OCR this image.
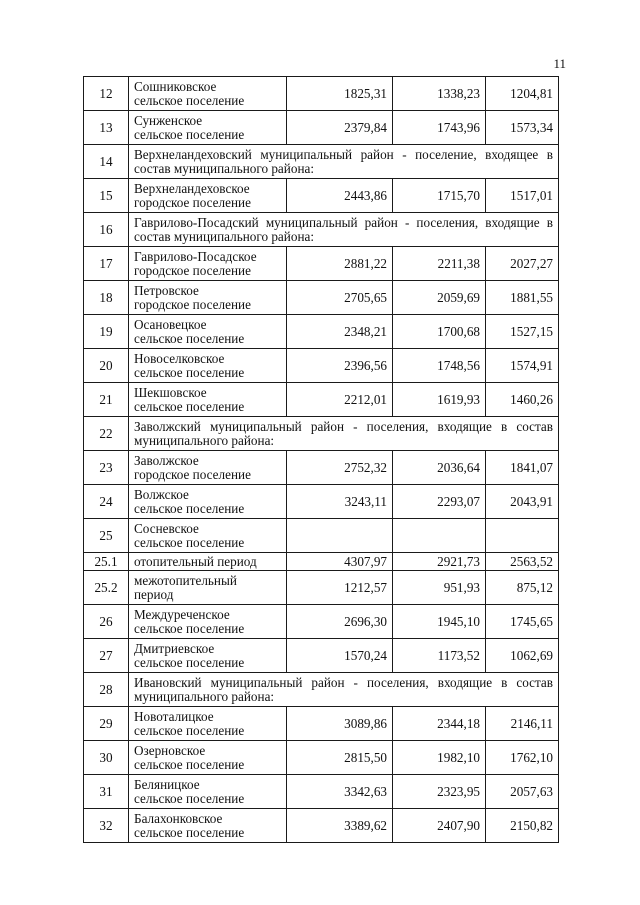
11
12	Сошниковское
сельское поселение	1825,31	1338,23	1204,81
13	Сунженское
сельское поселение	2379,84	1743,96	1573,34
14	Верхнеландеховский муниципальный район - поселение, входящее в состав муниципального района:			
15	Верхнеландеховское
городское поселение	2443,86	1715,70	1517,01
16	Гаврилово-Посадский муниципальный район - поселения, входящие в состав муниципального района:			
17	Гаврилово-Посадское
городское поселение	2881,22	2211,38	2027,27
18	Петровское
городское поселение	2705,65	2059,69	1881,55
19	Осановецкое
сельское поселение	2348,21	1700,68	1527,15
20	Новоселковское
сельское поселение	2396,56	1748,56	1574,91
21	Шекшовское
сельское поселение	2212,01	1619,93	1460,26
22	Заволжский муниципальный район - поселения, входящие в состав муниципального района:			
23	Заволжское
городское поселение	2752,32	2036,64	1841,07
24	Волжское
сельское поселение	3243,11	2293,07	2043,91
25	Сосневское
сельское поселение			

25.1	отопительный период	4307,97	2921,73	2563,52
25.2	межотопительный
период	1212,57	951,93	875,12
26	Междуреченское
сельское поселение	2696,30	1945,10	1745,65
27	Дмитриевское
сельское поселение	1570,24	1173,52	1062,69
28	Ивановский муниципальный район - поселения, входящие в состав муниципального района:			
29	Новоталицкое
сельское поселение	3089,86	2344,18	2146,11
30	Озерновское
сельское поселение	2815,50	1982,10	1762,10
31	Беляницкое
сельское поселение	3342,63	2323,95	2057,63
32	Балахонковское
сельское поселение	3389,62	2407,90	2150,82
